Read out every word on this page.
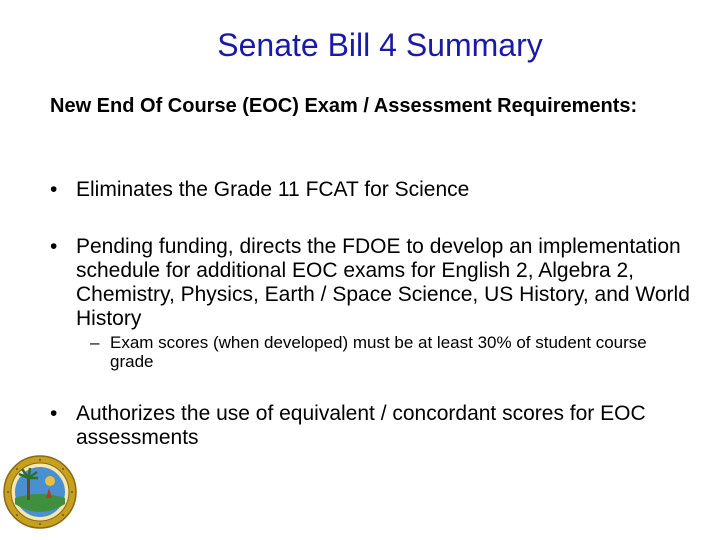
Senate Bill 4 Summary
New End Of Course (EOC) Exam / Assessment Requirements:
• Eliminates the Grade 11 FCAT for Science
• Pending funding, directs the FDOE to develop an implementation schedule for additional EOC exams for English 2, Algebra 2, Chemistry, Physics, Earth / Space Science, US History, and World History
– Exam scores (when developed) must be at least 30% of student course grade
• Authorizes the use of equivalent / concordant scores for EOC assessments
